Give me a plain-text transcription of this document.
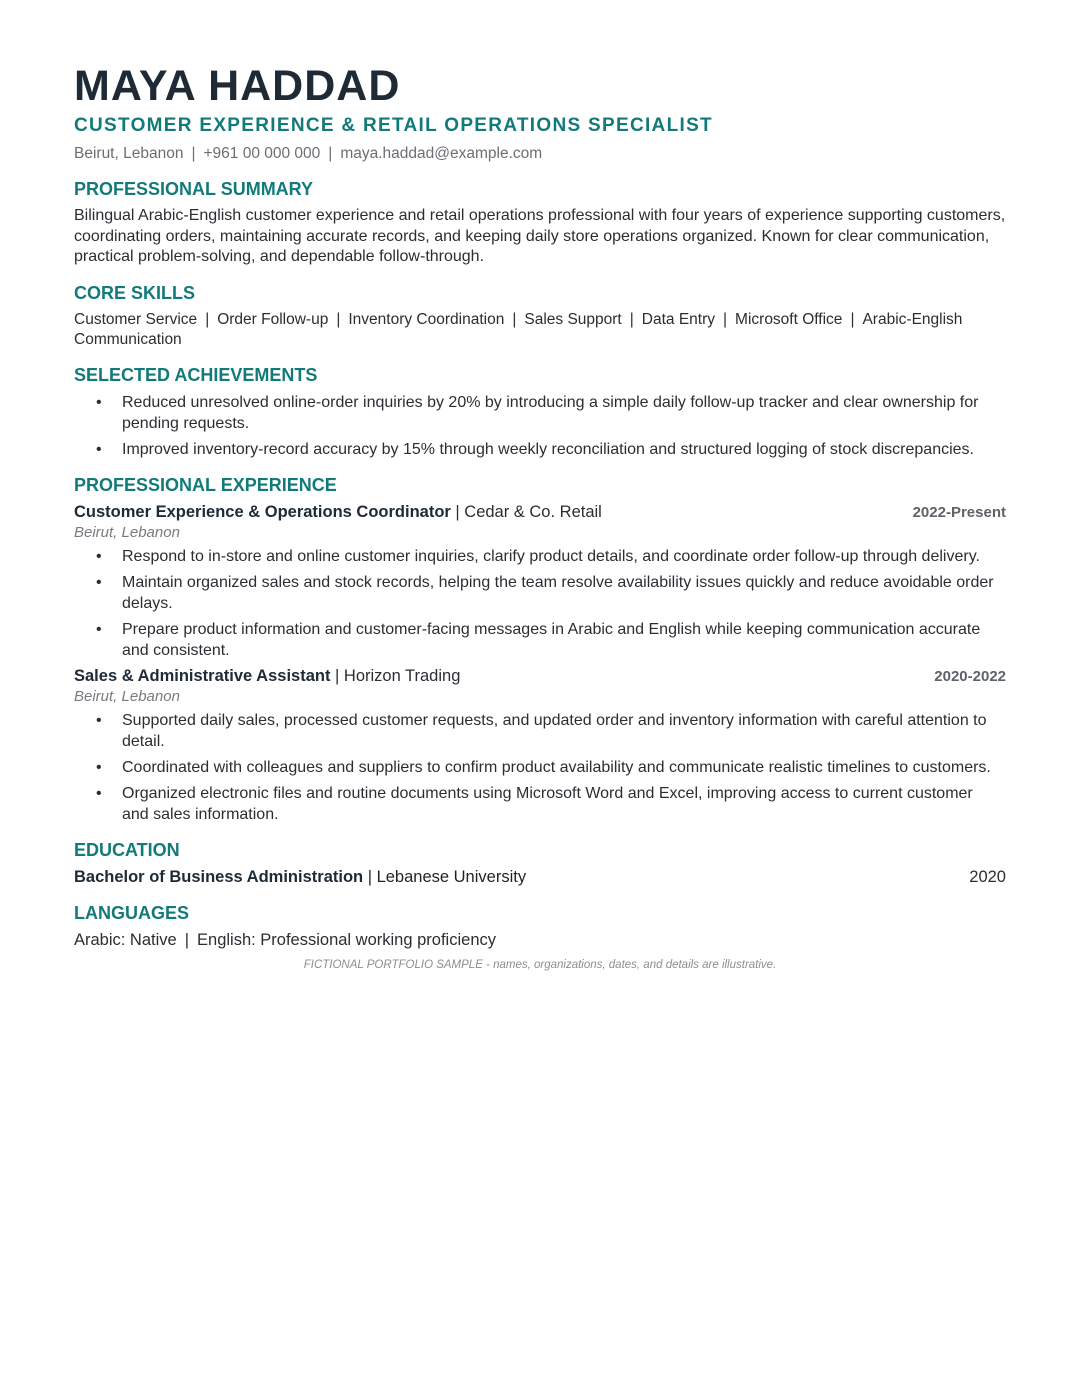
MAYA HADDAD
CUSTOMER EXPERIENCE & RETAIL OPERATIONS SPECIALIST
Beirut, Lebanon | +961 00 000 000 | maya.haddad@example.com
PROFESSIONAL SUMMARY
Bilingual Arabic-English customer experience and retail operations professional with four years of experience supporting customers, coordinating orders, maintaining accurate records, and keeping daily store operations organized. Known for clear communication, practical problem-solving, and dependable follow-through.
CORE SKILLS
Customer Service | Order Follow-up | Inventory Coordination | Sales Support | Data Entry | Microsoft Office | Arabic-English Communication
SELECTED ACHIEVEMENTS
• Reduced unresolved online-order inquiries by 20% by introducing a simple daily follow-up tracker and clear ownership for pending requests.
• Improved inventory-record accuracy by 15% through weekly reconciliation and structured logging of stock discrepancies.
PROFESSIONAL EXPERIENCE
Customer Experience & Operations Coordinator | Cedar & Co. Retail	2022-Present
Beirut, Lebanon
• Respond to in-store and online customer inquiries, clarify product details, and coordinate order follow-up through delivery.
• Maintain organized sales and stock records, helping the team resolve availability issues quickly and reduce avoidable order delays.
• Prepare product information and customer-facing messages in Arabic and English while keeping communication accurate and consistent.
Sales & Administrative Assistant | Horizon Trading	2020-2022
Beirut, Lebanon
• Supported daily sales, processed customer requests, and updated order and inventory information with careful attention to detail.
• Coordinated with colleagues and suppliers to confirm product availability and communicate realistic timelines to customers.
• Organized electronic files and routine documents using Microsoft Word and Excel, improving access to current customer and sales information.
EDUCATION
Bachelor of Business Administration | Lebanese University	2020
LANGUAGES
Arabic: Native | English: Professional working proficiency
FICTIONAL PORTFOLIO SAMPLE - names, organizations, dates, and details are illustrative.
